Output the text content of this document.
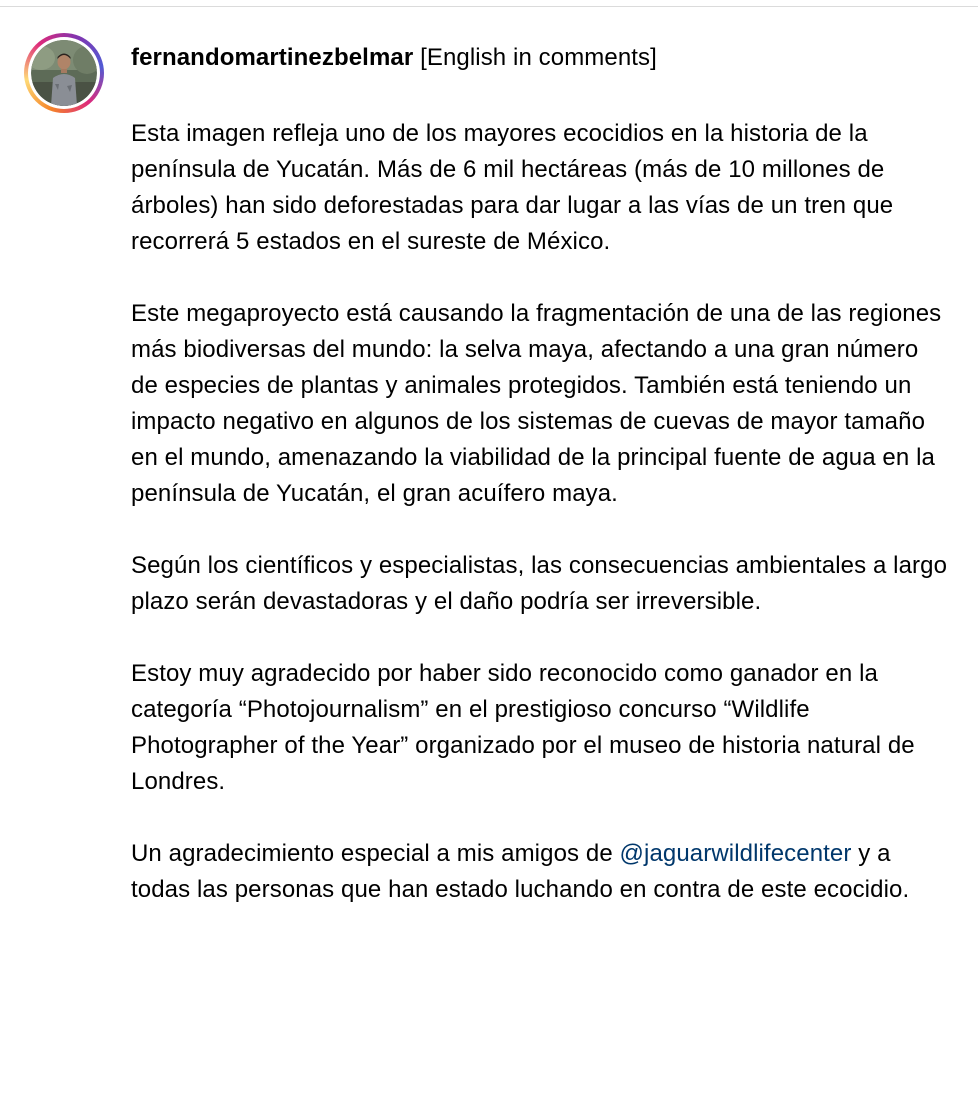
fernandomartinezbelmar [English in comments]

Esta imagen refleja uno de los mayores ecocidios en la historia de la península de Yucatán. Más de 6 mil hectáreas (más de 10 millones de árboles) han sido deforestadas para dar lugar a las vías de un tren que recorrerá 5 estados en el sureste de México.

Este megaproyecto está causando la fragmentación de una de las regiones más biodiversas del mundo: la selva maya, afectando a una gran número de especies de plantas y animales protegidos. También está teniendo un impacto negativo en algunos de los sistemas de cuevas de mayor tamaño en el mundo, amenazando la viabilidad de la principal fuente de agua en la península de Yucatán, el gran acuífero maya.

Según los científicos y especialistas, las consecuencias ambientales a largo plazo serán devastadoras y el daño podría ser irreversible.

Estoy muy agradecido por haber sido reconocido como ganador en la categoría “Photojournalism” en el prestigioso concurso “Wildlife Photographer of the Year” organizado por el museo de historia natural de Londres.

Un agradecimiento especial a mis amigos de @jaguarwildlifecenter y a todas las personas que han estado luchando en contra de este ecocidio.
